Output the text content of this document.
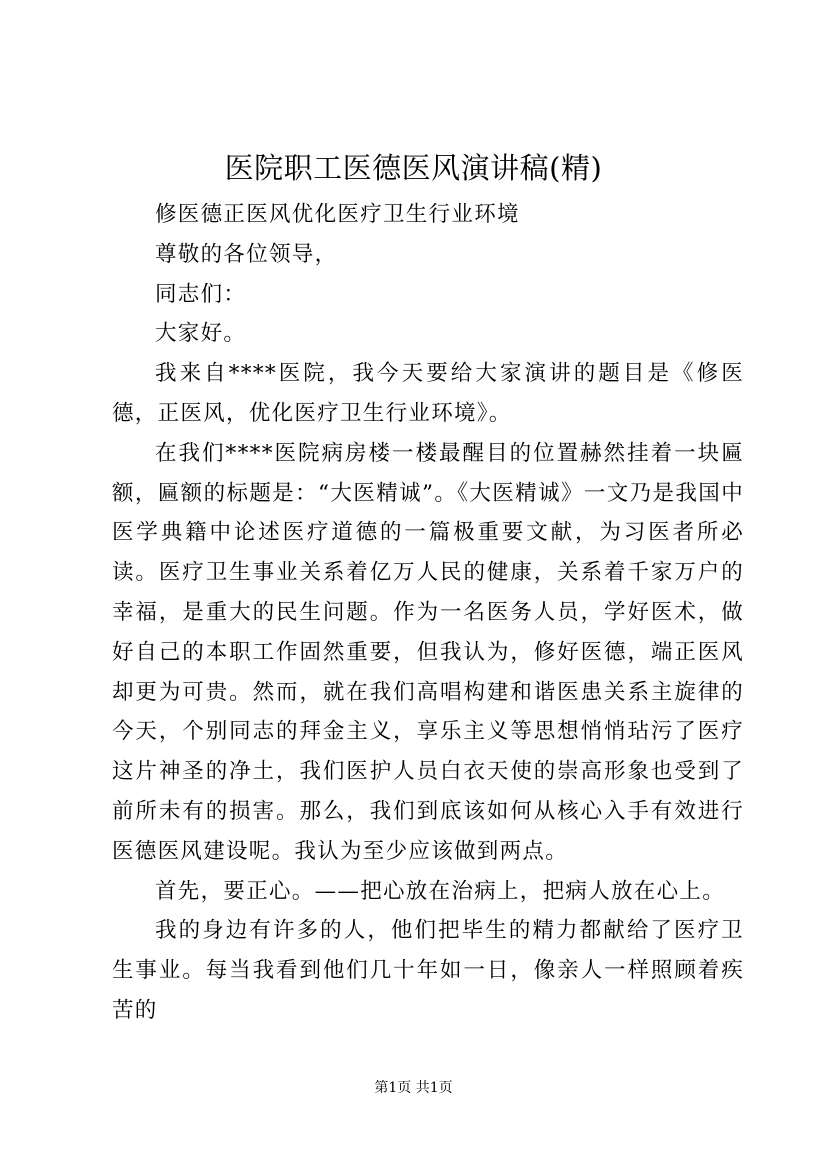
医院职工医德医风演讲稿(精)

修医德正医风优化医疗卫生行业环境

尊敬的各位领导，

同志们：

大家好。

我来自****医院，我今天要给大家演讲的题目是《修医德，正医风，优化医疗卫生行业环境》。

在我们****医院病房楼一楼最醒目的位置赫然挂着一块匾额，匾额的标题是：“大医精诚”。《大医精诚》一文乃是我国中医学典籍中论述医疗道德的一篇极重要文献，为习医者所必读。医疗卫生事业关系着亿万人民的健康，关系着千家万户的幸福，是重大的民生问题。作为一名医务人员，学好医术，做好自己的本职工作固然重要，但我认为，修好医德，端正医风却更为可贵。然而，就在我们高唱构建和谐医患关系主旋律的今天，个别同志的拜金主义，享乐主义等思想悄悄玷污了医疗这片神圣的净土，我们医护人员白衣天使的崇高形象也受到了前所未有的损害。那么，我们到底该如何从核心入手有效进行医德医风建设呢。我认为至少应该做到两点。

首先，要正心。——把心放在治病上，把病人放在心上。

我的身边有许多的人，他们把毕生的精力都献给了医疗卫生事业。每当我看到他们几十年如一日，像亲人一样照顾着疾苦的

第1页 共1页
